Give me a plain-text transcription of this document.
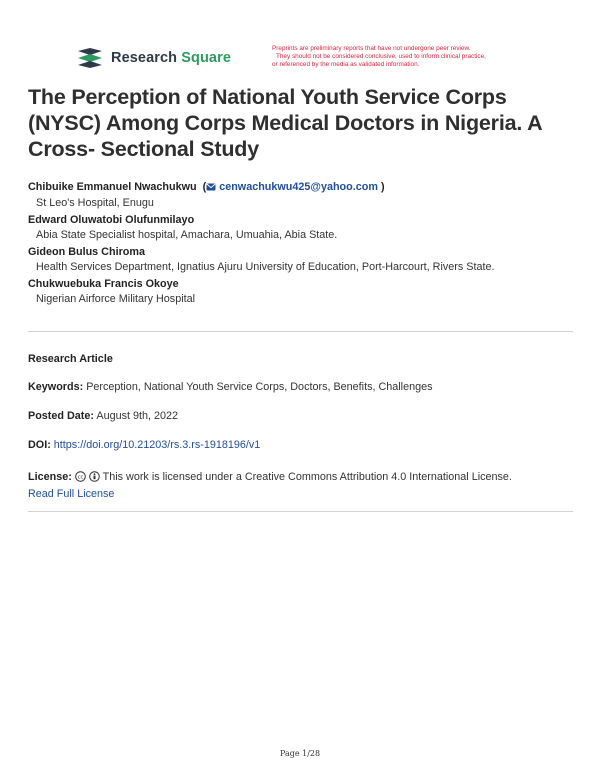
Research Square
Preprints are preliminary reports that have not undergone peer review.
They should not be considered conclusive, used to inform clinical practice,
or referenced by the media as validated information.
The Perception of National Youth Service Corps (NYSC) Among Corps Medical Doctors in Nigeria. A Cross- Sectional Study
Chibuike Emmanuel Nwachukwu  ( cenwachukwu425@yahoo.com )
St Leo's Hospital, Enugu
Edward Oluwatobi Olufunmilayo
Abia State Specialist hospital, Amachara, Umuahia, Abia State.
Gideon Bulus Chiroma
Health Services Department, Ignatius Ajuru University of Education, Port-Harcourt, Rivers State.
Chukwuebuka Francis Okoye
Nigerian Airforce Military Hospital
Research Article
Keywords: Perception, National Youth Service Corps, Doctors, Benefits, Challenges
Posted Date: August 9th, 2022
DOI: https://doi.org/10.21203/rs.3.rs-1918196/v1
License: cc This work is licensed under a Creative Commons Attribution 4.0 International License.
Read Full License
Page 1/28
